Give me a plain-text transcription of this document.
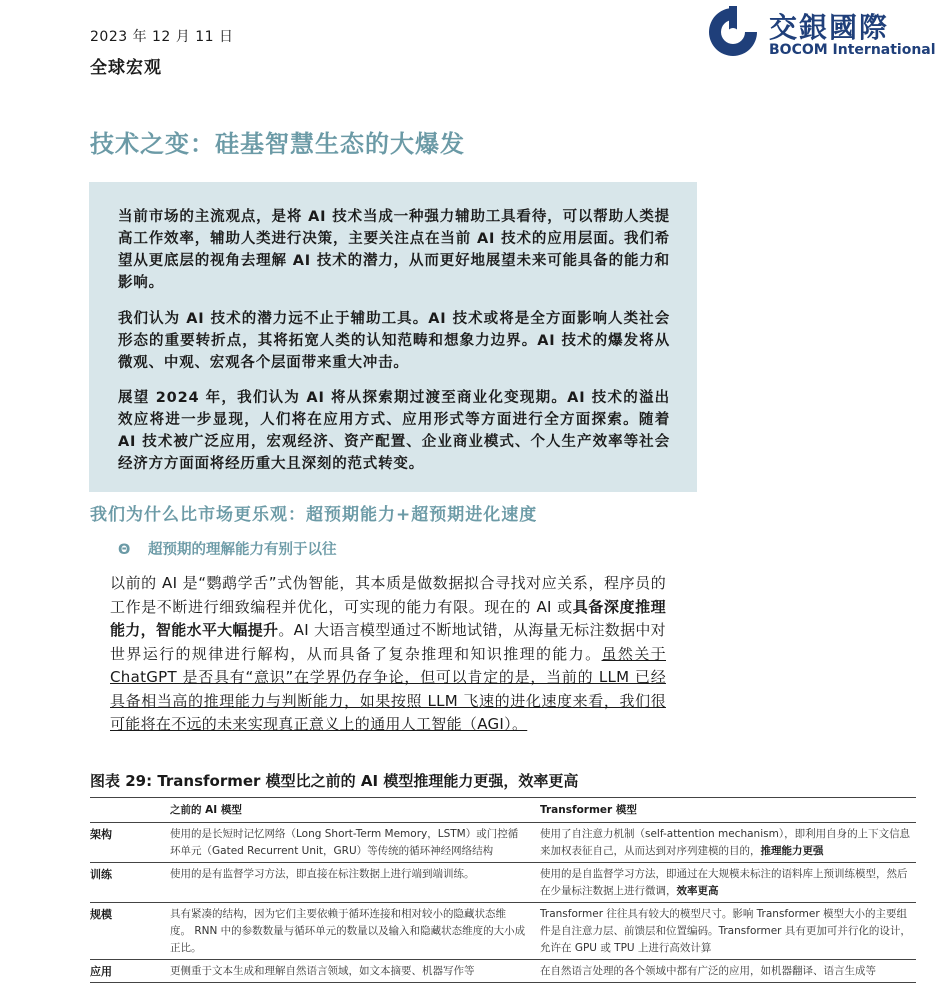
2023 年 12 月 11 日
全球宏观
交銀國際
BOCOM International
技术之变：硅基智慧生态的大爆发
当前市场的主流观点，是将 AI 技术当成一种强力辅助工具看待，可以帮助人类提高工作效率，辅助人类进行决策，主要关注点在当前 AI 技术的应用层面。我们希望从更底层的视角去理解 AI 技术的潜力，从而更好地展望未来可能具备的能力和影响。
我们认为 AI 技术的潜力远不止于辅助工具。AI 技术或将是全方面影响人类社会形态的重要转折点，其将拓宽人类的认知范畴和想象力边界。AI 技术的爆发将从微观、中观、宏观各个层面带来重大冲击。
展望 2024 年，我们认为 AI 将从探索期过渡至商业化变现期。AI 技术的溢出效应将进一步显现，人们将在应用方式、应用形式等方面进行全方面探索。随着 AI 技术被广泛应用，宏观经济、资产配置、企业商业模式、个人生产效率等社会经济方方面面将经历重大且深刻的范式转变。
我们为什么比市场更乐观：超预期能力+超预期进化速度
Θ 超预期的理解能力有别于以往
以前的 AI 是“鹦鹉学舌”式伪智能，其本质是做数据拟合寻找对应关系，程序员的工作是不断进行细致编程并优化，可实现的能力有限。现在的 AI 或具备深度推理能力，智能水平大幅提升。AI 大语言模型通过不断地试错，从海量无标注数据中对世界运行的规律进行解构，从而具备了复杂推理和知识推理的能力。虽然关于 ChatGPT 是否具有“意识”在学界仍存争论，但可以肯定的是，当前的 LLM 已经具备相当高的推理能力与判断能力，如果按照 LLM 飞速的进化速度来看，我们很可能将在不远的未来实现真正意义上的通用人工智能（AGI）。
图表 29: Transformer 模型比之前的 AI 模型推理能力更强，效率更高
	之前的 AI 模型	Transformer 模型
架构	使用的是长短时记忆网络（Long Short-Term Memory，LSTM）或门控循环单元（Gated Recurrent Unit，GRU）等传统的循环神经网络结构	使用了自注意力机制（self-attention mechanism），即利用自身的上下文信息来加权表征自己，从而达到对序列建模的目的，推理能力更强
训练	使用的是有监督学习方法，即直接在标注数据上进行端到端训练。	使用的是自监督学习方法，即通过在大规模未标注的语料库上预训练模型，然后在少量标注数据上进行微调，效率更高
规模	具有紧凑的结构，因为它们主要依赖于循环连接和相对较小的隐藏状态维度。 RNN 中的参数数量与循环单元的数量以及输入和隐藏状态维度的大小成正比。	Transformer 往往具有较大的模型尺寸。影响 Transformer 模型大小的主要组件是自注意力层、前馈层和位置编码。Transformer 具有更加可并行化的设计，允许在 GPU 或 TPU 上进行高效计算
应用	更侧重于文本生成和理解自然语言领域，如文本摘要、机器写作等	在自然语言处理的各个领域中都有广泛的应用，如机器翻译、语言生成等
